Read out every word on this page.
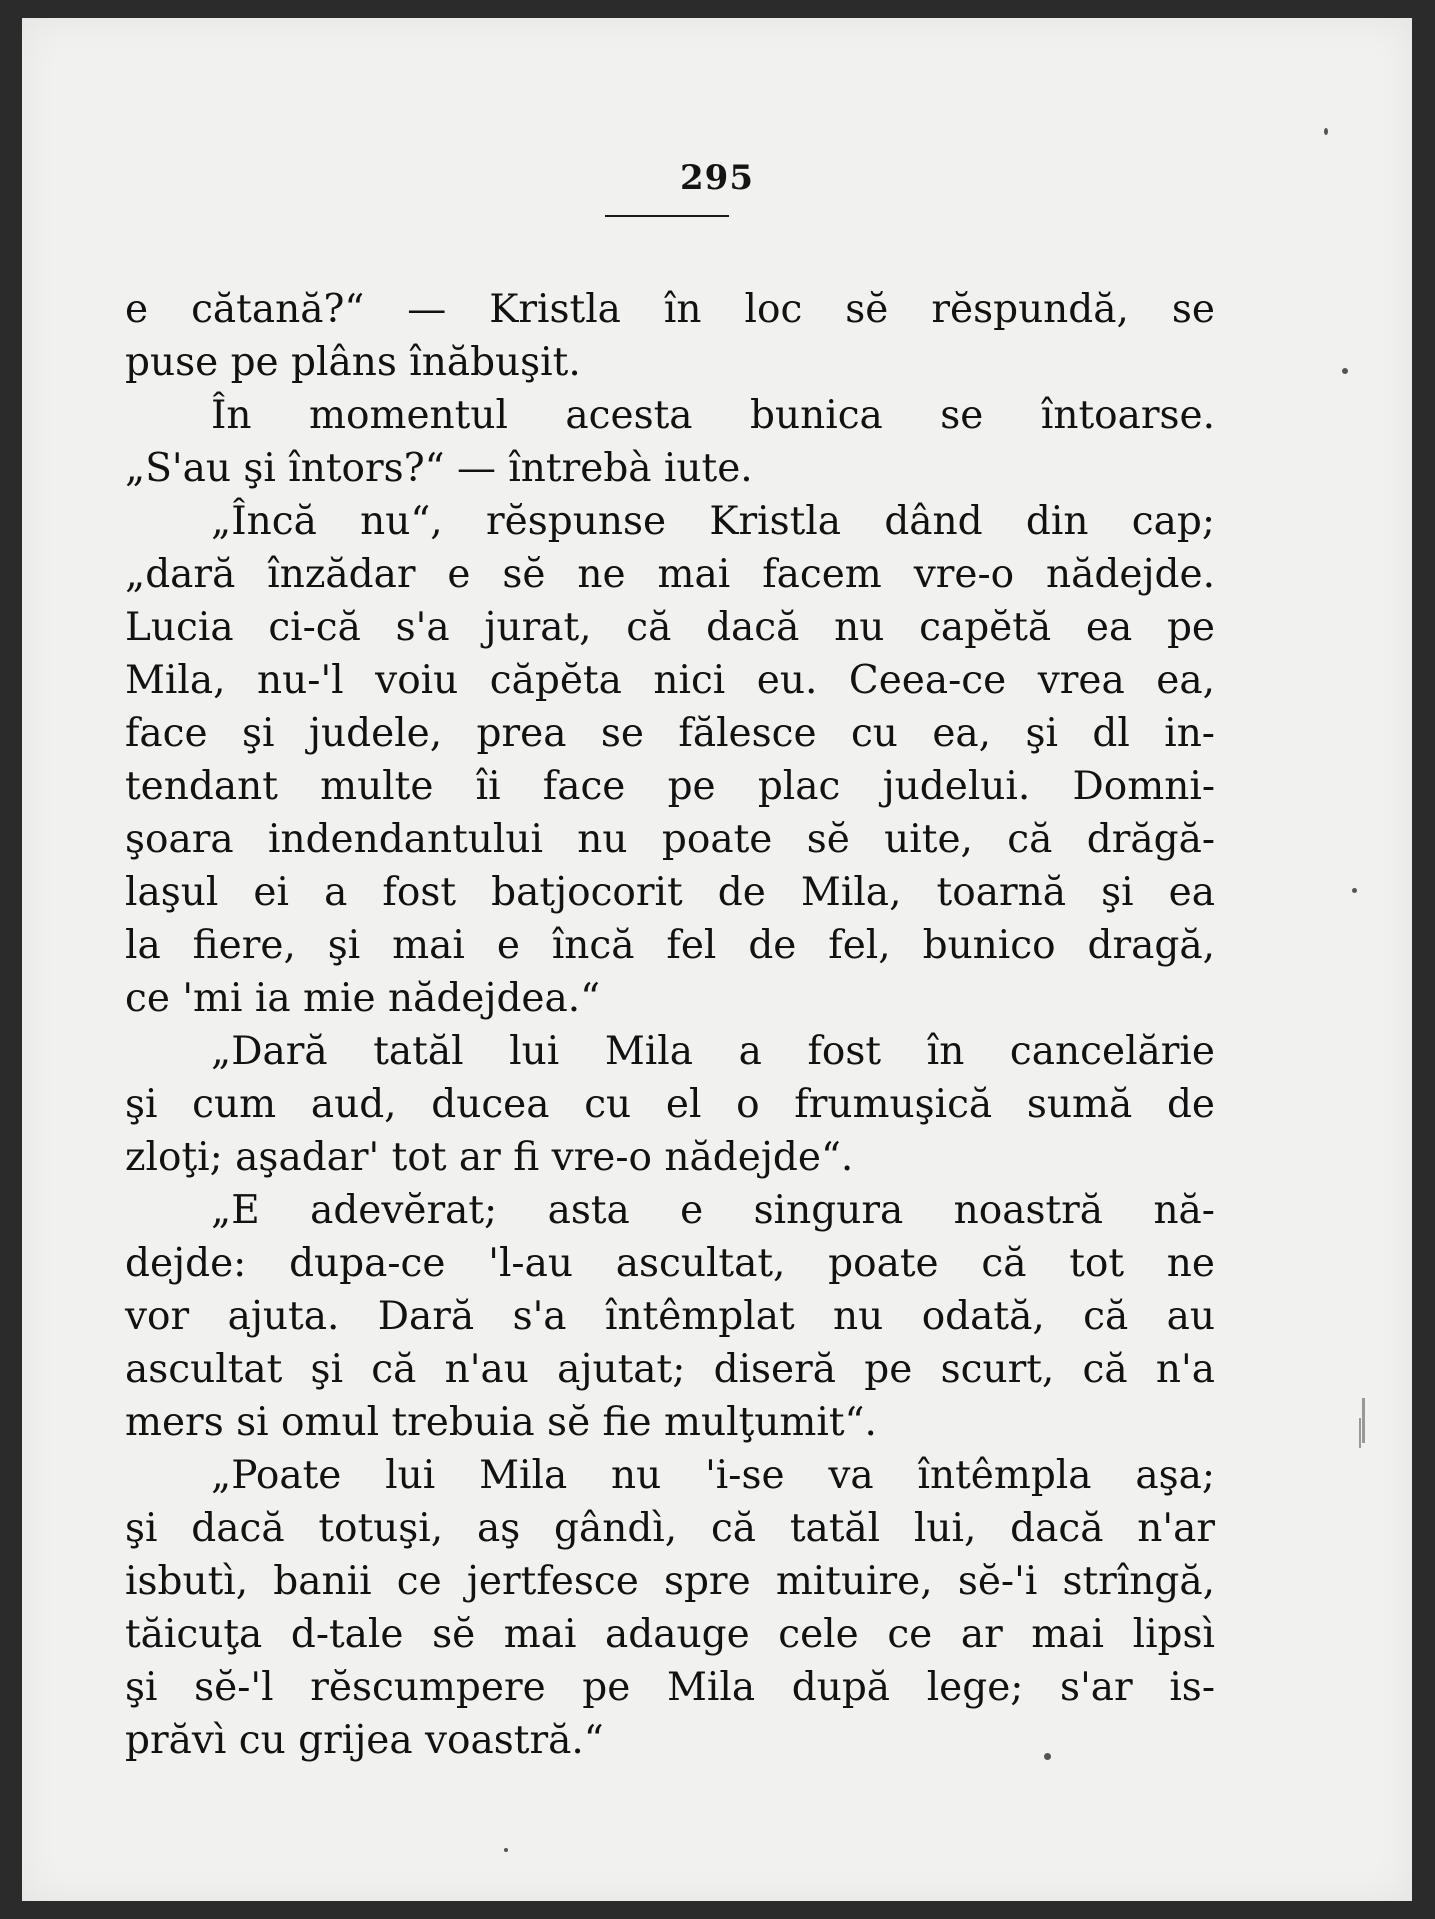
295
e cătană?“ — Kristla în loc sĕ rĕspundă, se
puse pe plâns înăbuşit.
În momentul acesta bunica se întoarse.
„S'au şi întors?“ — întrebà iute.
„Încă nu“, rĕspunse Kristla dând din cap;
„dară înzădar e sĕ ne mai facem vre-o nădejde.
Lucia ci-că s'a jurat, că dacă nu capĕtă ea pe
Mila, nu-'l voiu căpĕta nici eu. Ceea-ce vrea ea,
face şi judele, prea se fălesce cu ea, şi dl in-
tendant multe îi face pe plac judelui. Domni-
şoara indendantului nu poate sĕ uite, că drăgă-
laşul ei a fost batjocorit de Mila, toarnă şi ea
la fiere, şi mai e încă fel de fel, bunico dragă,
ce 'mi ia mie nădejdea.“
„Dară tatăl lui Mila a fost în cancelărie
şi cum aud, ducea cu el o frumuşică sumă de
zloţi; aşadar' tot ar fi vre-o nădejde“.
„E adevĕrat; asta e singura noastră nă-
dejde: dupa-ce 'l-au ascultat, poate că tot ne
vor ajuta. Dară s'a întêmplat nu odată, că au
ascultat şi că n'au ajutat; diseră pe scurt, că n'a
mers si omul trebuia sĕ fie mulţumit“.
„Poate lui Mila nu 'i-se va întêmpla aşa;
şi dacă totuşi, aş gândì, că tatăl lui, dacă n'ar
isbutì, banii ce jertfesce spre mituire, sĕ-'i strîngă,
tăicuţa d-tale sĕ mai adauge cele ce ar mai lipsì
şi sĕ-'l rĕscumpere pe Mila după lege; s'ar is-
prăvì cu grijea voastră.“
